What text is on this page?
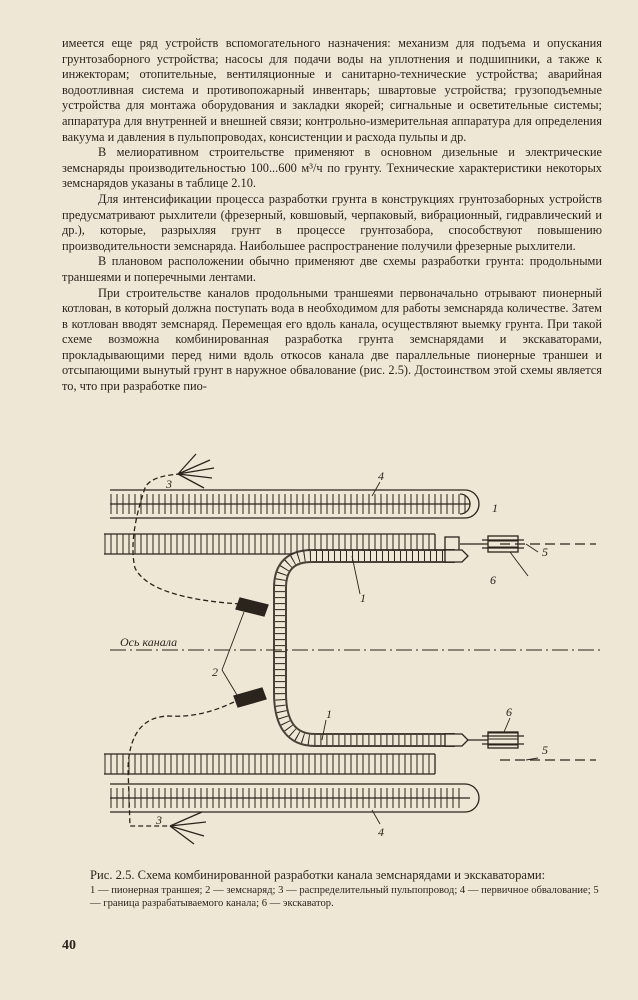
имеется еще ряд устройств вспомогательного назначения: механизм для подъема и опускания грунтозаборного устройства; насосы для подачи воды на уплотнения и подшипники, а также к инжекторам; отопительные, вентиляционные и санитарно-технические устройства; аварийная водоотливная система и противопожарный инвентарь; швартовые устройства; грузоподъемные устройства для монтажа оборудования и закладки якорей; сигнальные и осветительные системы; аппаратура для внутренней и внешней связи; контрольно-измерительная аппаратура для определения вакуума и давления в пульпопроводах, консистенции и расхода пульпы и др.

В мелиоративном строительстве применяют в основном дизельные и электрические земснаряды производительностью 100...600 м³/ч по грунту. Технические характеристики некоторых земснарядов указаны в таблице 2.10.

Для интенсификации процесса разработки грунта в конструкциях грунтозаборных устройств предусматривают рыхлители (фрезерный, ковшовый, черпаковый, вибрационный, гидравлический и др.), которые, разрыхляя грунт в процессе грунтозабора, способствуют повышению производительности земснаряда. Наибольшее распространение получили фрезерные рыхлители.

В плановом расположении обычно применяют две схемы разработки грунта: продольными траншеями и поперечными лентами.

При строительстве каналов продольными траншеями первоначально отрывают пионерный котлован, в который должна поступать вода в необходимом для работы земснаряда количестве. Затем в котлован вводят земснаряд. Перемещая его вдоль канала, осуществляют выемку грунта. При такой схеме возможна комбинированная разработка грунта земснарядами и экскаваторами, прокладывающими перед ними вдоль откосов канала две параллельные пионерные траншеи и отсыпающими вынутый грунт в наружное обвалование (рис. 2.5). Достоинством этой схемы является то, что при разработке пио-

Ось канала
3
4
1
5
1
6
2
1	6
5
3
4
Рис. 2.5. Схема комбинированной разработки канала земснарядами и экскаваторами:
1 — пионерная траншея; 2 — земснаряд; 3 — распределительный пульпопровод; 4 — первичное обвалование; 5 — граница разрабатываемого канала; 6 — экскаватор.
40
